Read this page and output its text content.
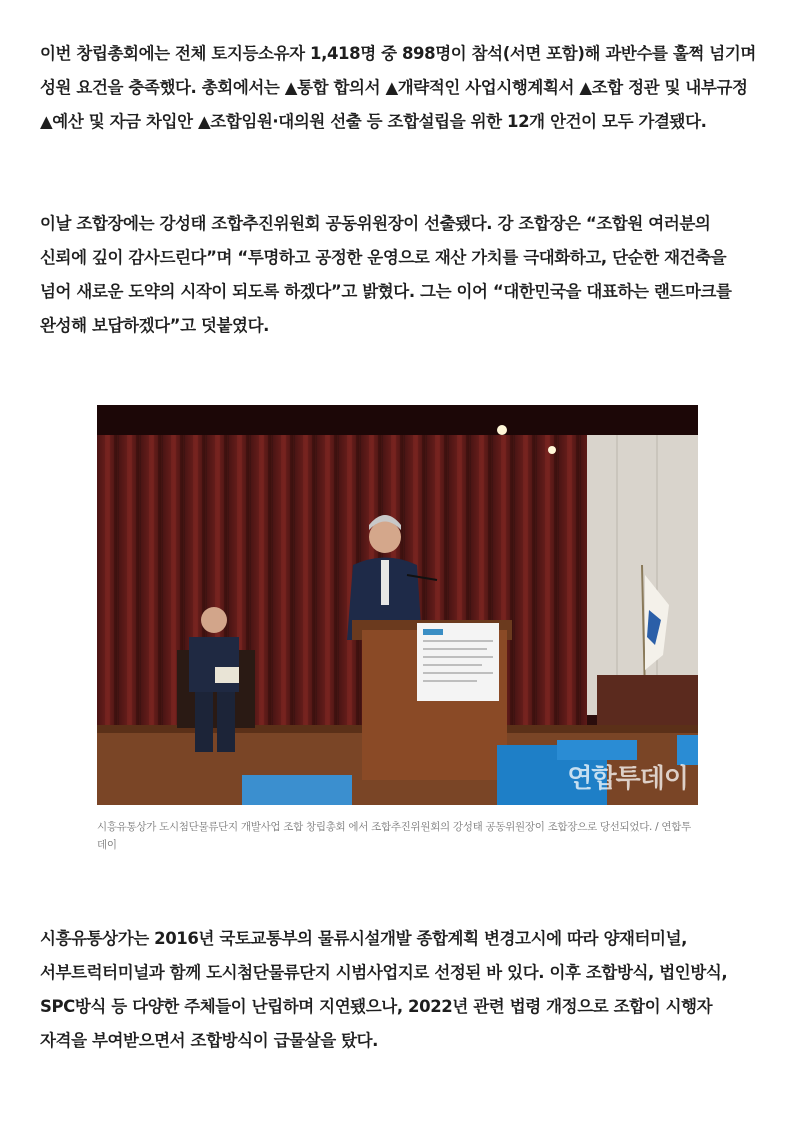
이번 창립총회에는 전체 토지등소유자 1,418명 중 898명이 참석(서면 포함)해 과반수를 훌쩍 넘기며 성원 요건을 충족했다. 총회에서는 ▲통합 합의서 ▲개략적인 사업시행계획서 ▲조합 정관 및 내부규정 ▲예산 및 자금 차입안 ▲조합임원·대의원 선출 등 조합설립을 위한 12개 안건이 모두 가결됐다.

이날 조합장에는 강성태 조합추진위원회 공동위원장이 선출됐다. 강 조합장은 “조합원 여러분의 신뢰에 깊이 감사드린다”며 “투명하고 공정한 운영으로 재산 가치를 극대화하고, 단순한 재건축을 넘어 새로운 도약의 시작이 되도록 하겠다”고 밝혔다. 그는 이어 “대한민국을 대표하는 랜드마크를 완성해 보답하겠다”고 덧붙였다.

연합투데이
시흥유통상가 도시첨단물류단지 개발사업 조합 창립총회 에서 조합추진위원회의 강성태 공동위원장이 조합장으로 당선되었다. / 연합투데이

시흥유통상가는 2016년 국토교통부의 물류시설개발 종합계획 변경고시에 따라 양재터미널, 서부트럭터미널과 함께 도시첨단물류단지 시범사업지로 선정된 바 있다. 이후 조합방식, 법인방식, SPC방식 등 다양한 주체들이 난립하며 지연됐으나, 2022년 관련 법령 개정으로 조합이 시행자 자격을 부여받으면서 조합방식이 급물살을 탔다.
